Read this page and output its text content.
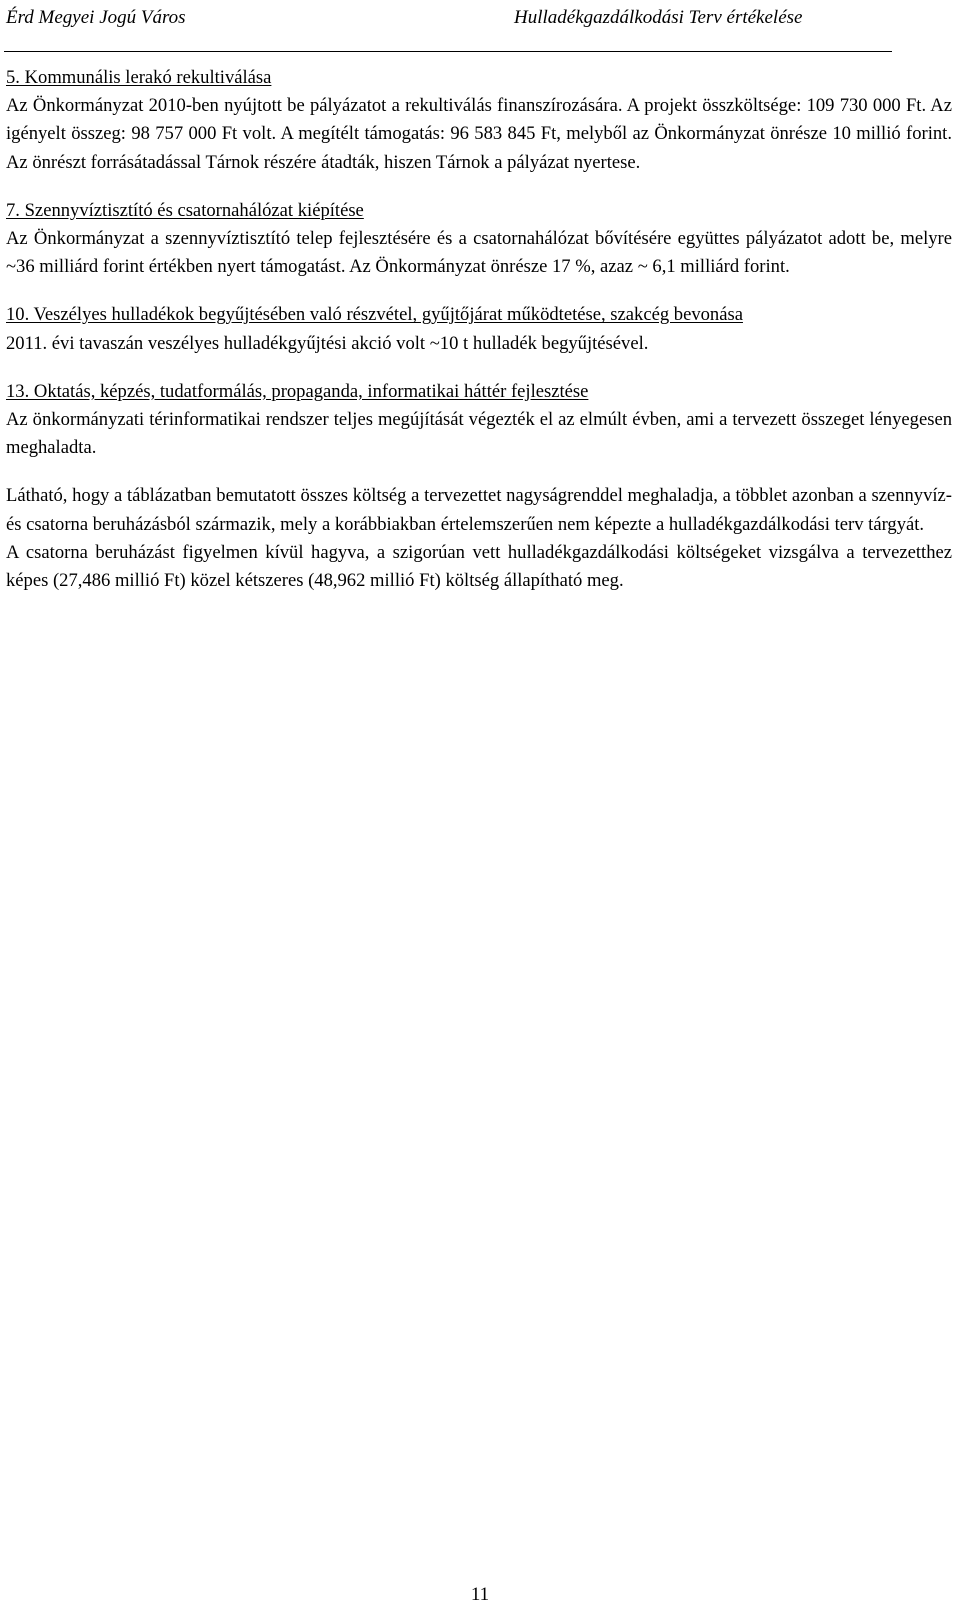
Érd Megyei Jogú Város	Hulladékgazdálkodási Terv értékelése
5. Kommunális lerakó rekultiválása

Az Önkormányzat 2010-ben nyújtott be pályázatot a rekultiválás finanszírozására. A projekt összköltsége: 109 730 000 Ft. Az igényelt összeg: 98 757 000 Ft volt. A megítélt támogatás: 96 583 845 Ft, melyből az Önkormányzat önrésze 10 millió forint. Az önrészt forrásátadással Tárnok részére átadták, hiszen Tárnok a pályázat nyertese.

7. Szennyvíztisztító és csatornahálózat kiépítése

Az Önkormányzat a szennyvíztisztító telep fejlesztésére és a csatornahálózat bővítésére együttes pályázatot adott be, melyre ~36 milliárd forint értékben nyert támogatást. Az Önkormányzat önrésze 17 %, azaz ~ 6,1 milliárd forint.

10. Veszélyes hulladékok begyűjtésében való részvétel, gyűjtőjárat működtetése, szakcég bevonása

2011. évi tavaszán veszélyes hulladékgyűjtési akció volt ~10 t hulladék begyűjtésével.

13. Oktatás, képzés, tudatformálás, propaganda, informatikai háttér fejlesztése

Az önkormányzati térinformatikai rendszer teljes megújítását végezték el az elmúlt évben, ami a tervezett összeget lényegesen meghaladta.

Látható, hogy a táblázatban bemutatott összes költség a tervezettet nagyságrenddel meghaladja, a többlet azonban a szennyvíz- és csatorna beruházásból származik, mely a korábbiakban értelemszerűen nem képezte a hulladékgazdálkodási terv tárgyát.

A csatorna beruházást figyelmen kívül hagyva, a szigorúan vett hulladékgazdálkodási költségeket vizsgálva a tervezetthez képes (27,486 millió Ft) közel kétszeres (48,962 millió Ft) költség állapítható meg.

11
